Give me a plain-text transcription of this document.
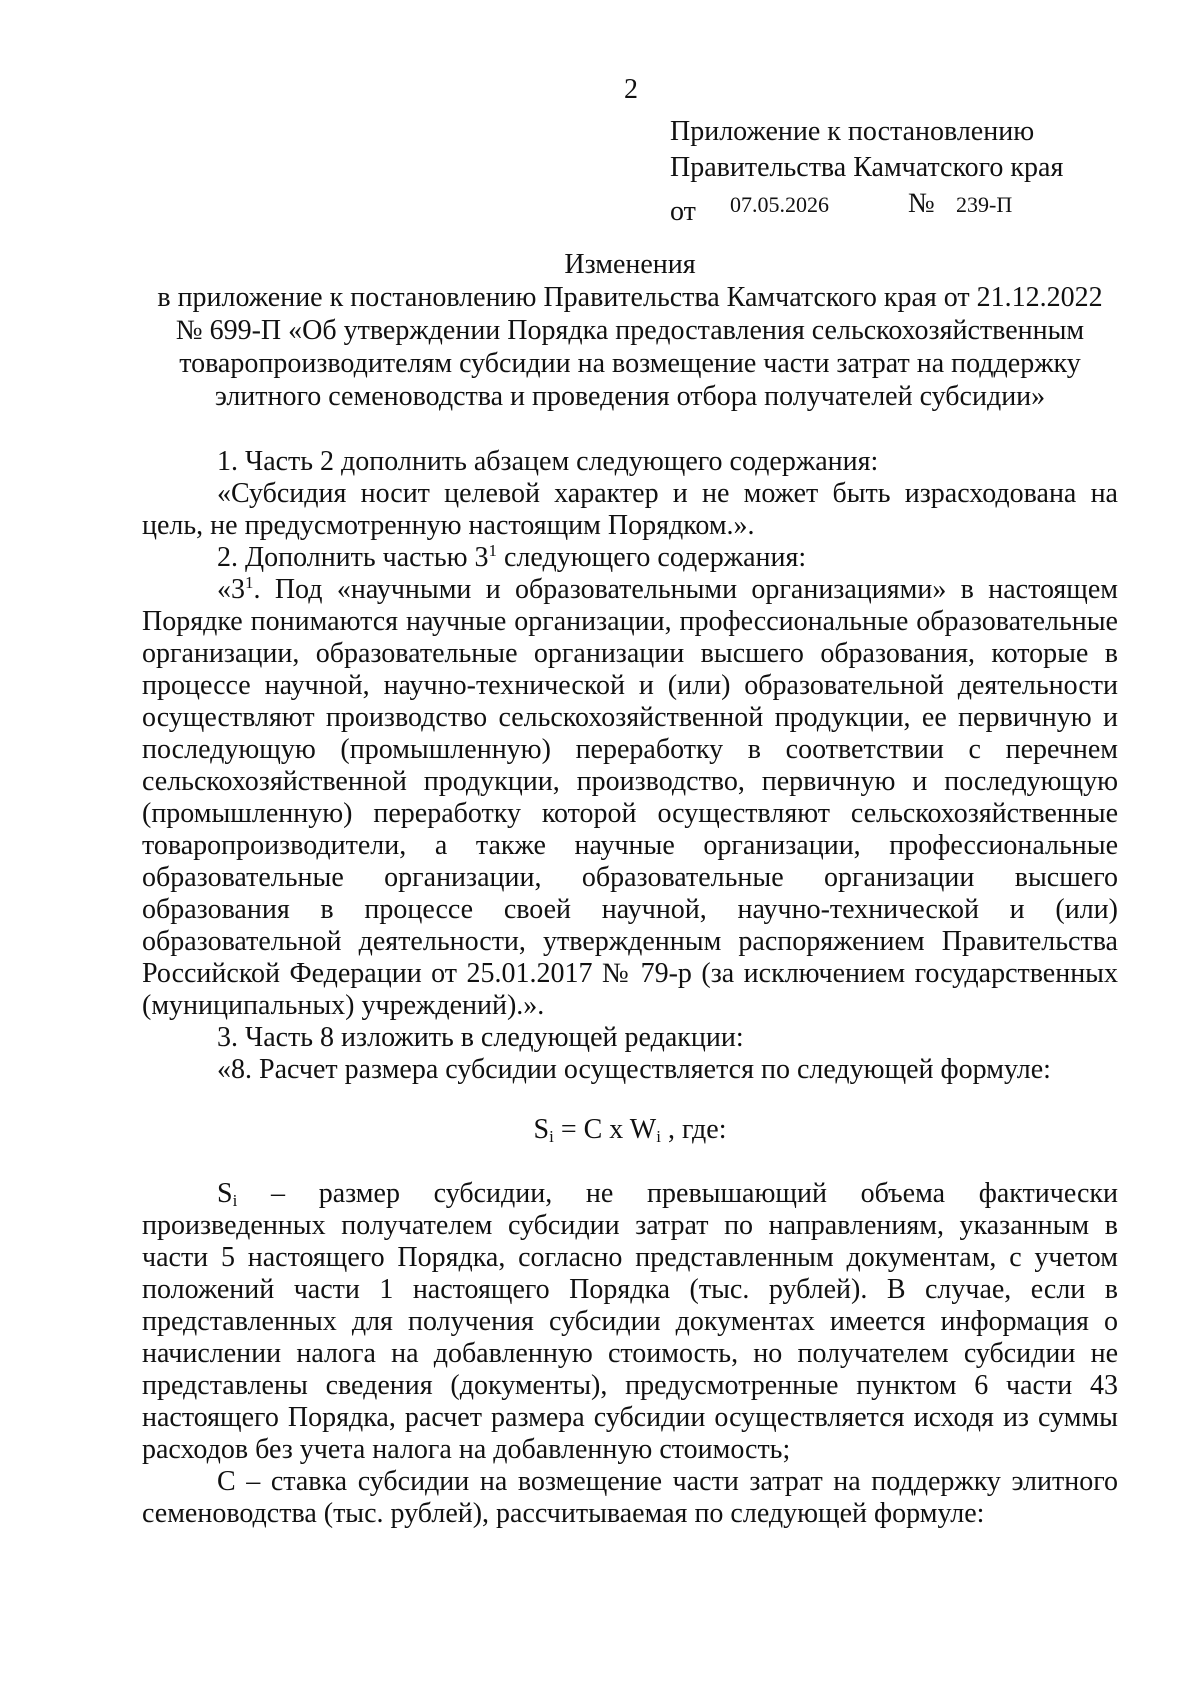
2
Приложение к постановлению
Правительства Камчатского края
от 07.05.2026	№ 239-П
Изменения
в приложение к постановлению Правительства Камчатского края от 21.12.2022
№ 699-П «Об утверждении Порядка предоставления сельскохозяйственным
товаропроизводителям субсидии на возмещение части затрат на поддержку
элитного семеноводства и проведения отбора получателей субсидии»

1. Часть 2 дополнить абзацем следующего содержания:

«Субсидия носит целевой характер и не может быть израсходована на цель, не предусмотренную настоящим Порядком.».

2. Дополнить частью $3^1$ следующего содержания:

«$3^1$. Под «научными и образовательными организациями» в настоящем Порядке понимаются научные организации, профессиональные образовательные организации, образовательные организации высшего образования, которые в процессе научной, научно-технической и (или) образовательной деятельности осуществляют производство сельскохозяйственной продукции, ее первичную и последующую (промышленную) переработку в соответствии с перечнем сельскохозяйственной продукции, производство, первичную и последующую (промышленную) переработку которой осуществляют сельскохозяйственные товаропроизводители, а также научные организации, профессиональные образовательные организации, образовательные организации высшего образования в процессе своей научной, научно-технической и (или) образовательной деятельности, утвержденным распоряжением Правительства Российской Федерации от 25.01.2017 № 79-р (за исключением государственных (муниципальных) учреждений).».

3. Часть 8 изложить в следующей редакции:

«8. Расчет размера субсидии осуществляется по следующей формуле:

$S_i = C$ x $W_i$ , где:

$S_i$ – размер субсидии, не превышающий объема фактически произведенных получателем субсидии затрат по направлениям, указанным в части 5 настоящего Порядка, согласно представленным документам, с учетом положений части 1 настоящего Порядка (тыс. рублей). В случае, если в представленных для получения субсидии документах имеется информация о начислении налога на добавленную стоимость, но получателем субсидии не представлены сведения (документы), предусмотренные пунктом 6 части 43 настоящего Порядка, расчет размера субсидии осуществляется исходя из суммы расходов без учета налога на добавленную стоимость;

С – ставка субсидии на возмещение части затрат на поддержку элитного семеноводства (тыс. рублей), рассчитываемая по следующей формуле:
